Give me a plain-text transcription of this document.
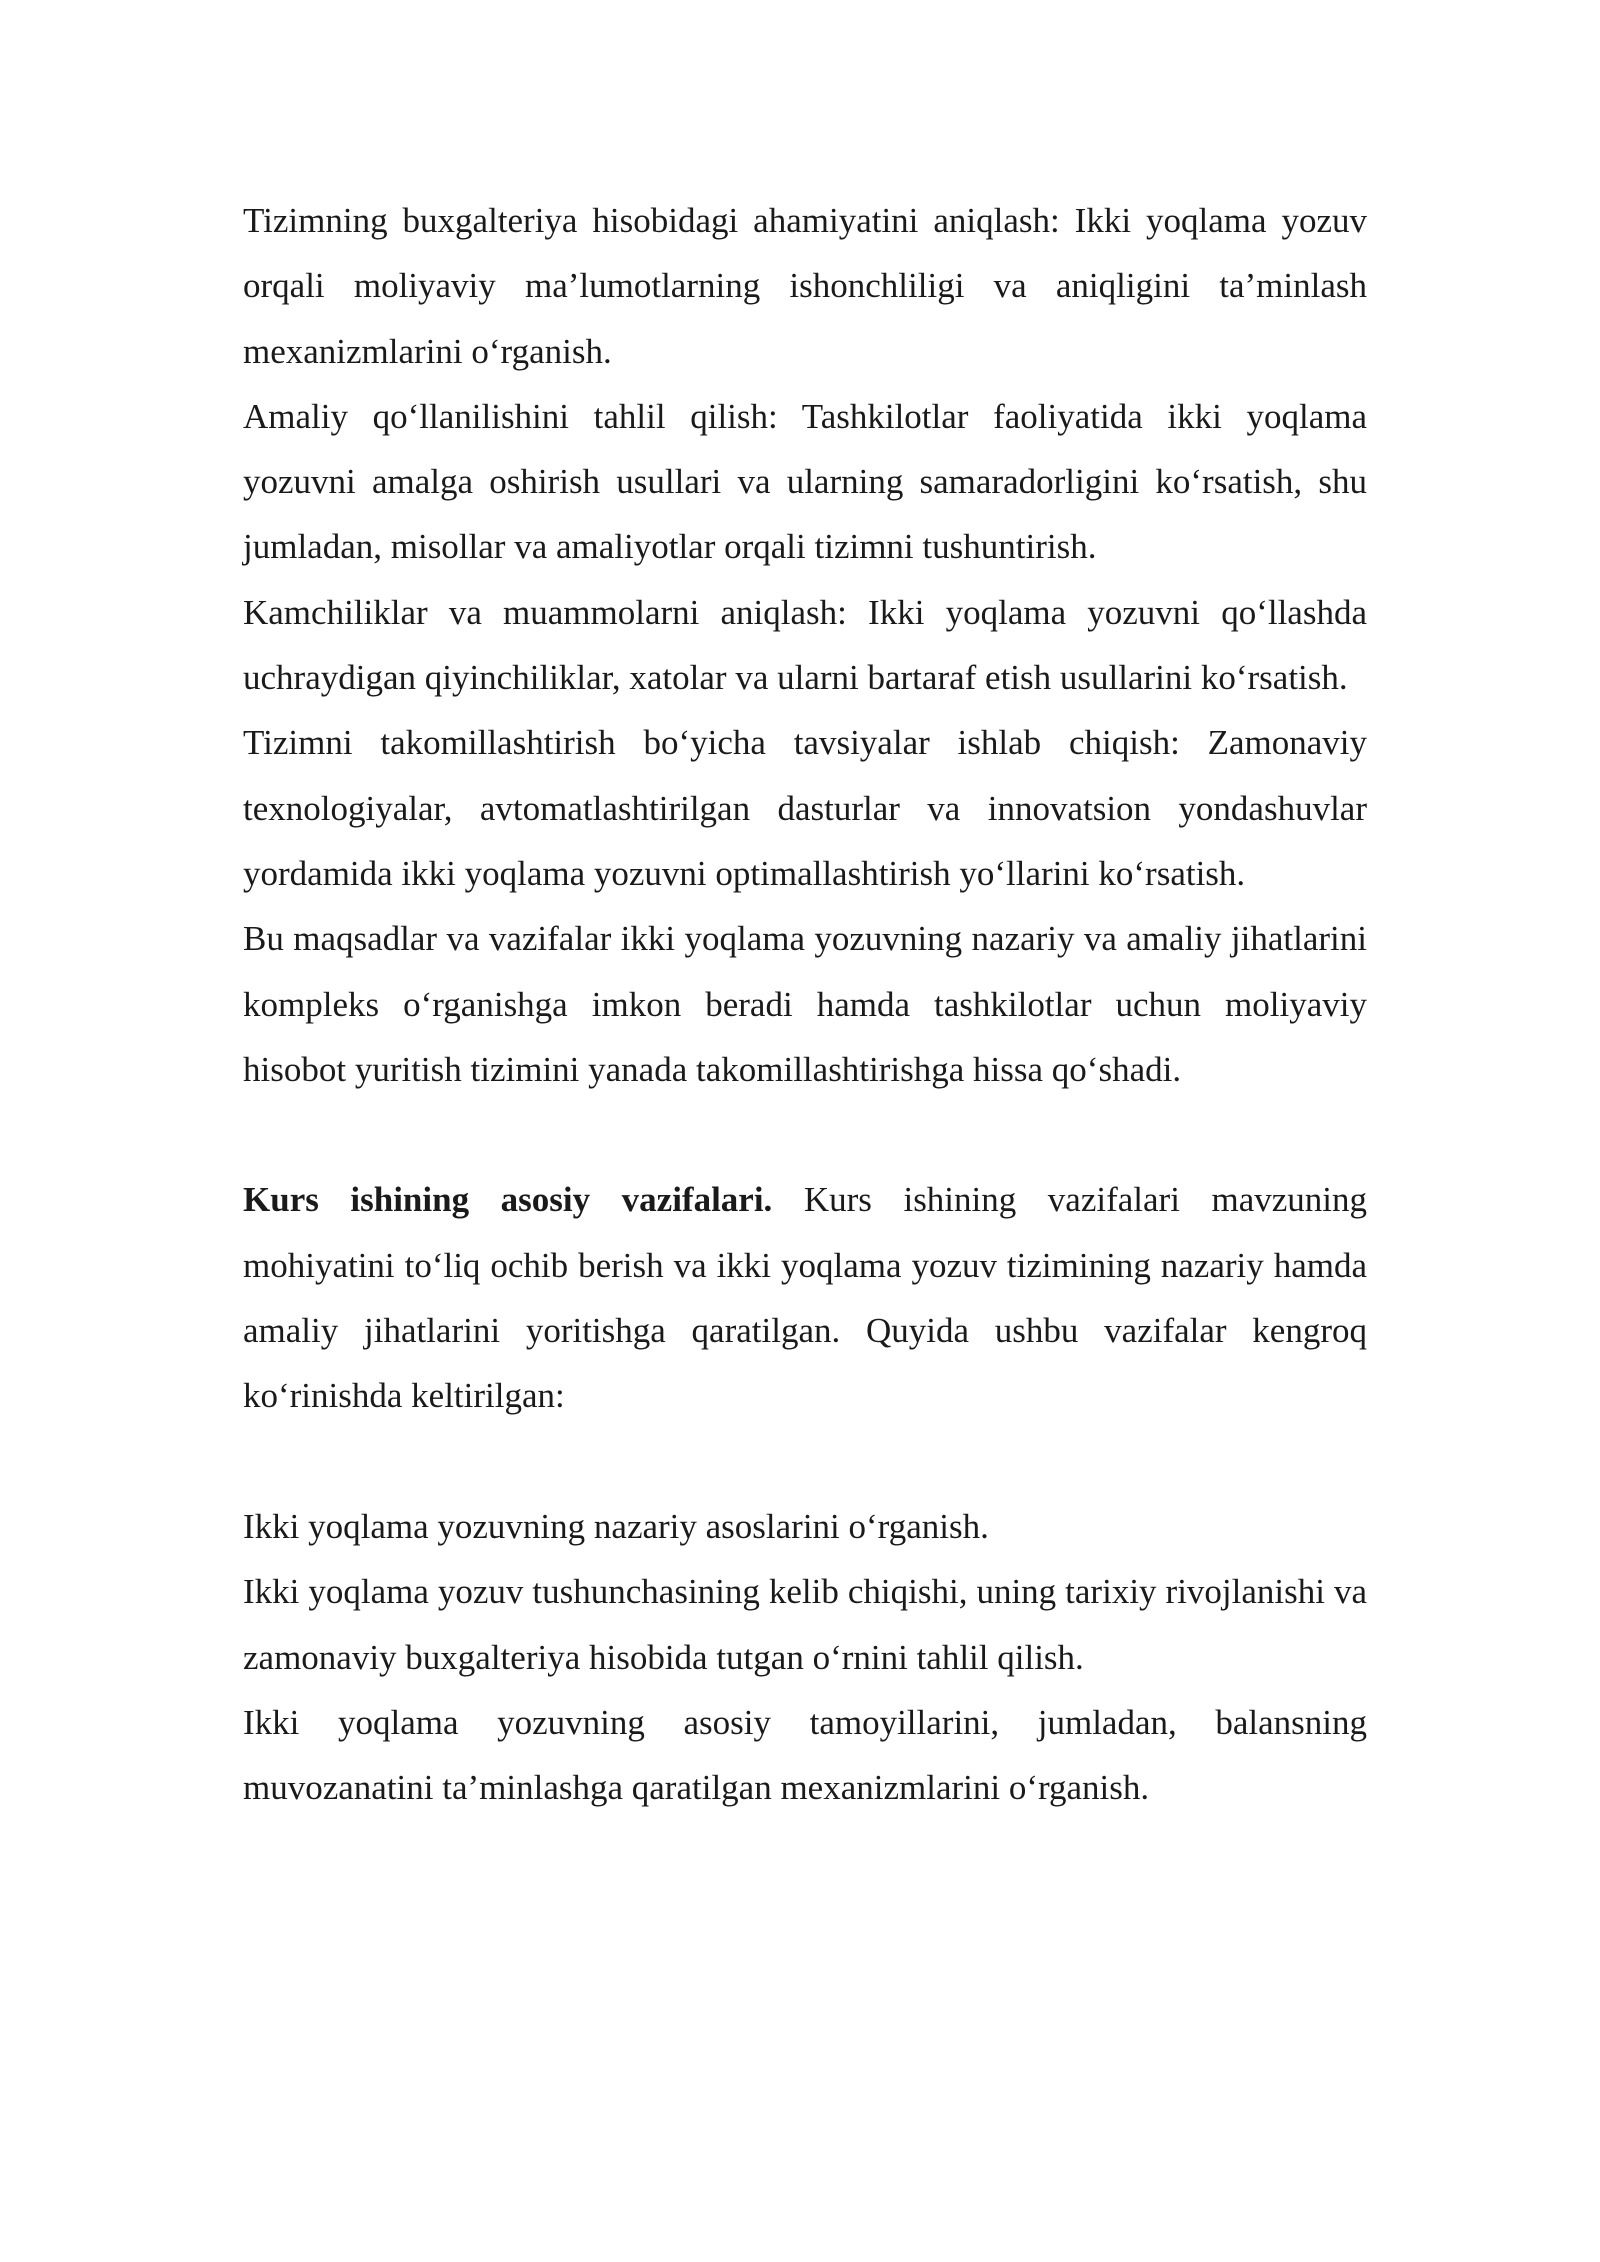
Tizimning buxgalteriya hisobidagi ahamiyatini aniqlash: Ikki yoqlama yozuv orqali moliyaviy ma’lumotlarning ishonchliligi va aniqligini ta’minlash mexanizmlarini o‘rganish.

Amaliy qo‘llanilishini tahlil qilish: Tashkilotlar faoliyatida ikki yoqlama yozuvni amalga oshirish usullari va ularning samaradorligini ko‘rsatish, shu jumladan, misollar va amaliyotlar orqali tizimni tushuntirish.

Kamchiliklar va muammolarni aniqlash: Ikki yoqlama yozuvni qo‘llashda uchraydigan qiyinchiliklar, xatolar va ularni bartaraf etish usullarini ko‘rsatish.

Tizimni takomillashtirish bo‘yicha tavsiyalar ishlab chiqish: Zamonaviy texnologiyalar, avtomatlashtirilgan dasturlar va innovatsion yondashuvlar yordamida ikki yoqlama yozuvni optimallashtirish yo‘llarini ko‘rsatish.

Bu maqsadlar va vazifalar ikki yoqlama yozuvning nazariy va amaliy jihatlarini kompleks o‘rganishga imkon beradi hamda tashkilotlar uchun moliyaviy hisobot yuritish tizimini yanada takomillashtirishga hissa qo‘shadi.

Kurs ishining asosiy vazifalari. Kurs ishining vazifalari mavzuning mohiyatini to‘liq ochib berish va ikki yoqlama yozuv tizimining nazariy hamda amaliy jihatlarini yoritishga qaratilgan. Quyida ushbu vazifalar kengroq ko‘rinishda keltirilgan:

Ikki yoqlama yozuvning nazariy asoslarini o‘rganish.

Ikki yoqlama yozuv tushunchasining kelib chiqishi, uning tarixiy rivojlanishi va zamonaviy buxgalteriya hisobida tutgan o‘rnini tahlil qilish.

Ikki yoqlama yozuvning asosiy tamoyillarini, jumladan, balansning muvozanatini ta’minlashga qaratilgan mexanizmlarini o‘rganish.
